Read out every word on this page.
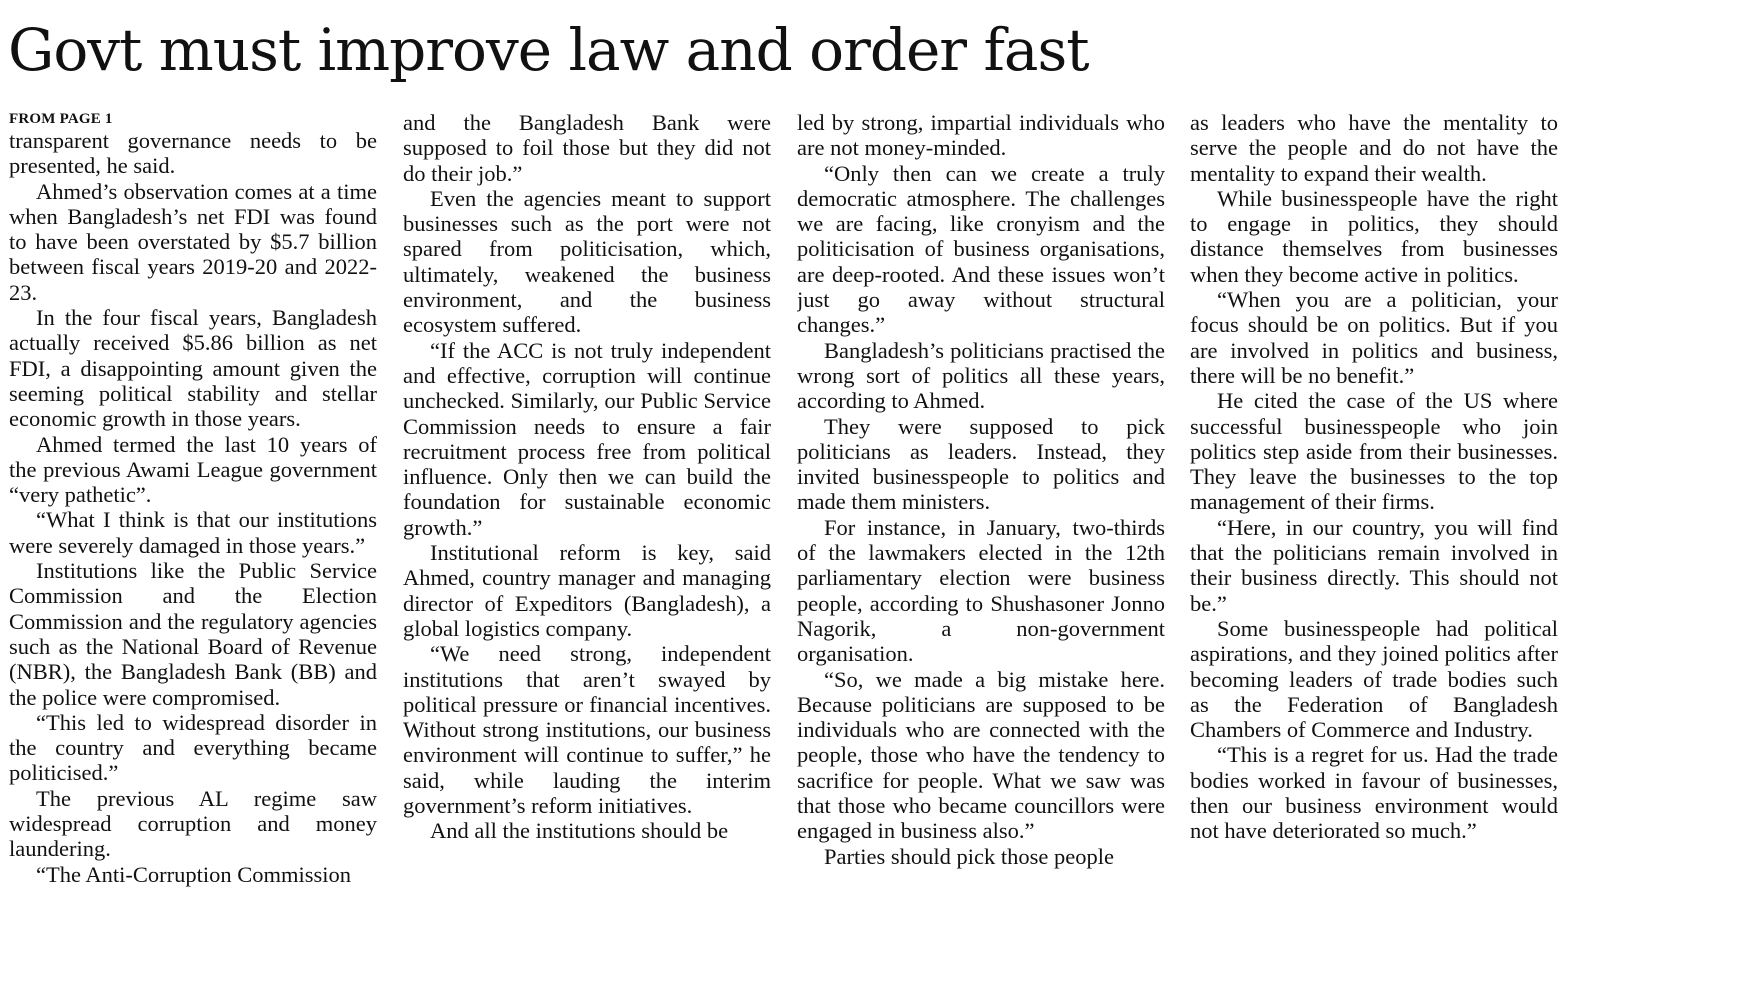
Govt must improve law and order fast
FROM PAGE 1

transparent governance needs to be presented, he said.

Ahmed’s observation comes at a time when Bangladesh’s net FDI was found to have been overstated by $5.7 billion between fiscal years 2019-20 and 2022-23.

In the four fiscal years, Bangladesh actually received $5.86 billion as net FDI, a disappointing amount given the seeming political stability and stellar economic growth in those years.

Ahmed termed the last 10 years of the previous Awami League government “very pathetic”.

“What I think is that our institutions were severely damaged in those years.”

Institutions like the Public Service Commission and the Election Commission and the regulatory agencies such as the National Board of Revenue (NBR), the Bangladesh Bank (BB) and the police were compromised.

“This led to widespread disorder in the country and everything became politicised.”

The previous AL regime saw widespread corruption and money laundering.

“The Anti-Corruption Commission

and the Bangladesh Bank were supposed to foil those but they did not do their job.”

Even the agencies meant to support businesses such as the port were not spared from politicisation, which, ultimately, weakened the business environment, and the business ecosystem suffered.

“If the ACC is not truly independent and effective, corruption will continue unchecked. Similarly, our Public Service Commission needs to ensure a fair recruitment process free from political influence. Only then we can build the foundation for sustainable economic growth.”

Institutional reform is key, said Ahmed, country manager and managing director of Expeditors (Bangladesh), a global logistics company.

“We need strong, independent institutions that aren’t swayed by political pressure or financial incentives. Without strong institutions, our business environment will continue to suffer,” he said, while lauding the interim government’s reform initiatives.

And all the institutions should be

led by strong, impartial individuals who are not money-minded.

“Only then can we create a truly democratic atmosphere. The challenges we are facing, like cronyism and the politicisation of business organisations, are deep-rooted. And these issues won’t just go away without structural changes.”

Bangladesh’s politicians practised the wrong sort of politics all these years, according to Ahmed.

They were supposed to pick politicians as leaders. Instead, they invited businesspeople to politics and made them ministers.

For instance, in January, two-thirds of the lawmakers elected in the 12th parliamentary election were business people, according to Shushasoner Jonno Nagorik, a non-government organisation.

“So, we made a big mistake here. Because politicians are supposed to be individuals who are connected with the people, those who have the tendency to sacrifice for people. What we saw was that those who became councillors were engaged in business also.”

Parties should pick those people

as leaders who have the mentality to serve the people and do not have the mentality to expand their wealth.

While businesspeople have the right to engage in politics, they should distance themselves from businesses when they become active in politics.

“When you are a politician, your focus should be on politics. But if you are involved in politics and business, there will be no benefit.”

He cited the case of the US where successful businesspeople who join politics step aside from their businesses. They leave the businesses to the top management of their firms.

“Here, in our country, you will find that the politicians remain involved in their business directly. This should not be.”

Some businesspeople had political aspirations, and they joined politics after becoming leaders of trade bodies such as the Federation of Bangladesh Chambers of Commerce and Industry.

“This is a regret for us. Had the trade bodies worked in favour of businesses, then our business environment would not have deteriorated so much.”
